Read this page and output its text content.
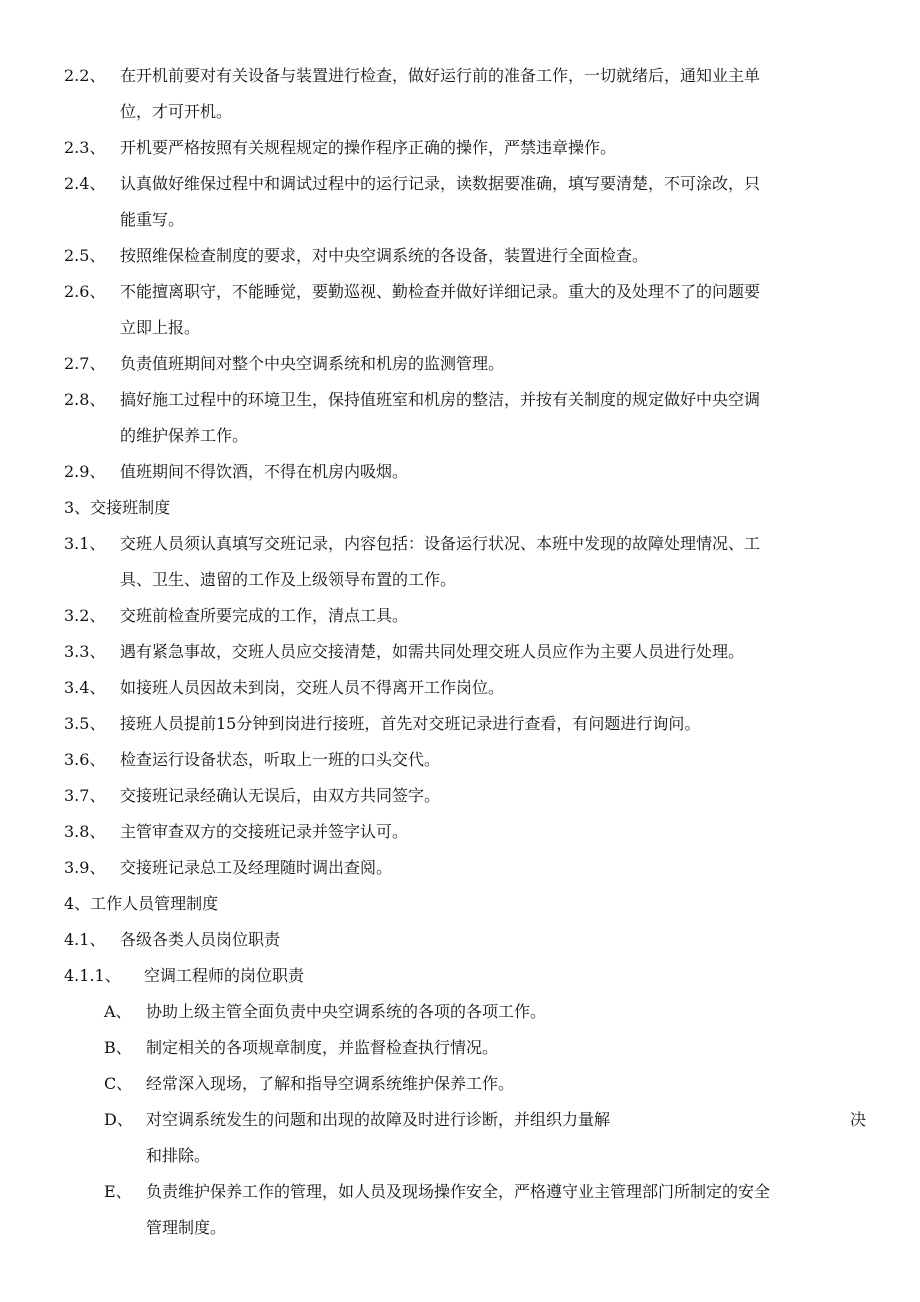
2.2、 在开机前要对有关设备与装置进行检查，做好运行前的准备工作，一切就绪后，通知业主单
位，才可开机。
2.3、 开机要严格按照有关规程规定的操作程序正确的操作，严禁违章操作。
2.4、 认真做好维保过程中和调试过程中的运行记录，读数据要准确，填写要清楚，不可涂改，只
能重写。
2.5、 按照维保检查制度的要求，对中央空调系统的各设备，装置进行全面检查。
2.6、 不能擅离职守，不能睡觉，要勤巡视、勤检查并做好详细记录。重大的及处理不了的问题要
立即上报。
2.7、 负责值班期间对整个中央空调系统和机房的监测管理。
2.8、 搞好施工过程中的环境卫生，保持值班室和机房的整洁，并按有关制度的规定做好中央空调
的维护保养工作。
2.9、 值班期间不得饮酒，不得在机房内吸烟。
3、交接班制度
3.1、 交班人员须认真填写交班记录，内容包括：设备运行状况、本班中发现的故障处理情况、工
具、卫生、遗留的工作及上级领导布置的工作。
3.2、 交班前检查所要完成的工作，清点工具。
3.3、 遇有紧急事故，交班人员应交接清楚，如需共同处理交班人员应作为主要人员进行处理。
3.4、 如接班人员因故未到岗，交班人员不得离开工作岗位。
3.5、 接班人员提前15分钟到岗进行接班，首先对交班记录进行查看，有问题进行询问。
3.6、 检查运行设备状态，听取上一班的口头交代。
3.7、 交接班记录经确认无误后，由双方共同签字。
3.8、 主管审查双方的交接班记录并签字认可。
3.9、 交接班记录总工及经理随时调出查阅。
4、工作人员管理制度
4.1、 各级各类人员岗位职责
4.1.1、 空调工程师的岗位职责
A、 协助上级主管全面负责中央空调系统的各项的各项工作。
B、 制定相关的各项规章制度，并监督检查执行情况。
C、 经常深入现场，了解和指导空调系统维护保养工作。
D、 对空调系统发生的问题和出现的故障及时进行诊断，并组织力量解	决
和排除。
E、 负责维护保养工作的管理，如人员及现场操作安全，严格遵守业主管理部门所制定的安全
管理制度。
